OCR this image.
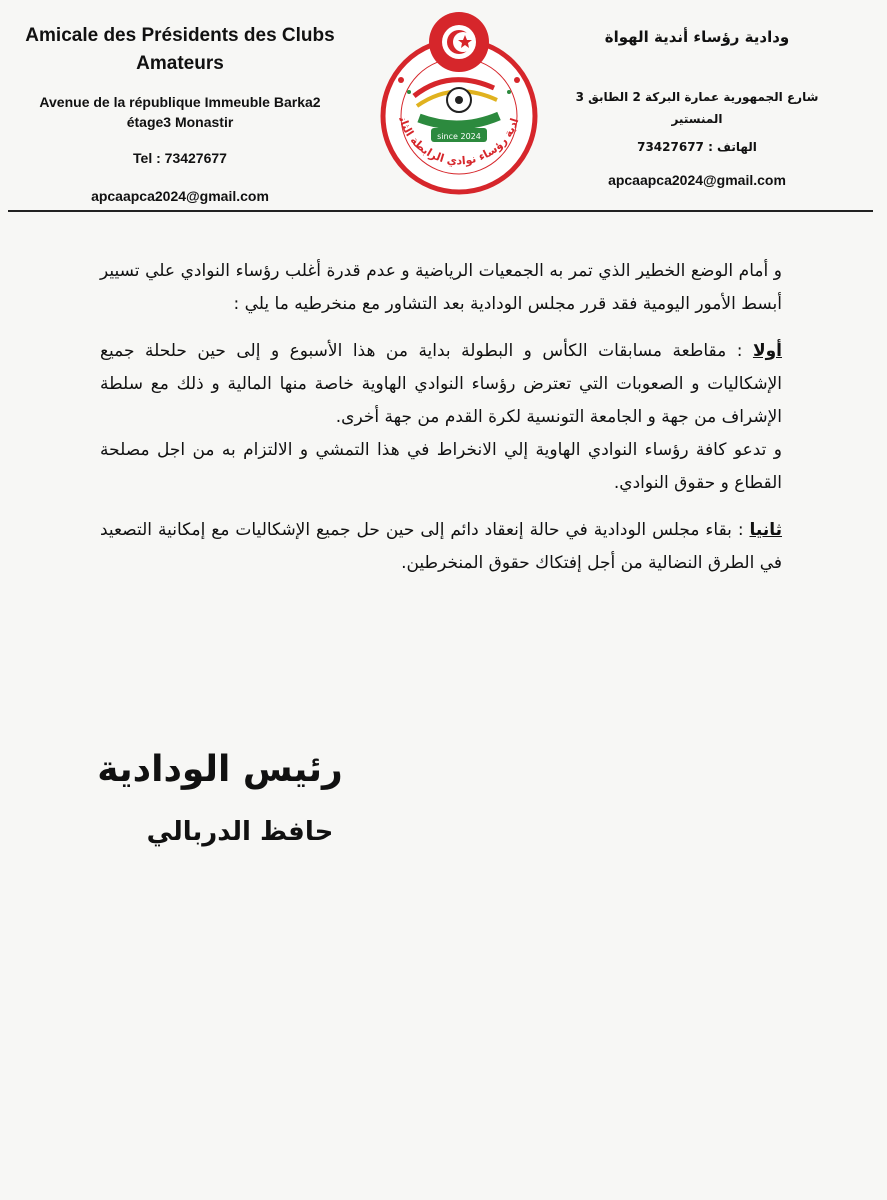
Amicale des Présidents des Clubs
Amateurs
Avenue de la république Immeuble Barka2
étage3 Monastir
Tel : 73427677
apcaapca2024@gmail.com
since 2024
ادية رؤساء نوادي الرابطة الثان
ودادية رؤساء أندية الهواة
شارع الجمهورية عمارة البركة 2 الطابق 3
المنستير
الهاتف : 73427677
apcaapca2024@gmail.com

و أمام الوضع الخطير الذي تمر به الجمعيات الرياضية و عدم قدرة أغلب رؤساء النوادي علي تسيير أبسط الأمور اليومية فقد قرر مجلس الودادية بعد التشاور مع منخرطيه ما يلي :

أولا : مقاطعة مسابقات الكأس و البطولة بداية من هذا الأسبوع و إلى حين حلحلة جميع الإشكاليات و الصعوبات التي تعترض رؤساء النوادي الهاوية خاصة منها المالية و ذلك مع سلطة الإشراف من جهة و الجامعة التونسية لكرة القدم من جهة أخرى.

و تدعو كافة رؤساء النوادي الهاوية إلي الانخراط في هذا التمشي و الالتزام به من اجل مصلحة القطاع و حقوق النوادي.

ثانيا : بقاء مجلس الودادية في حالة إنعقاد دائم إلى حين حل جميع الإشكاليات مع إمكانية التصعيد في الطرق النضالية من أجل إفتكاك حقوق المنخرطين.

رئيس الودادية
حافظ الدربالي
